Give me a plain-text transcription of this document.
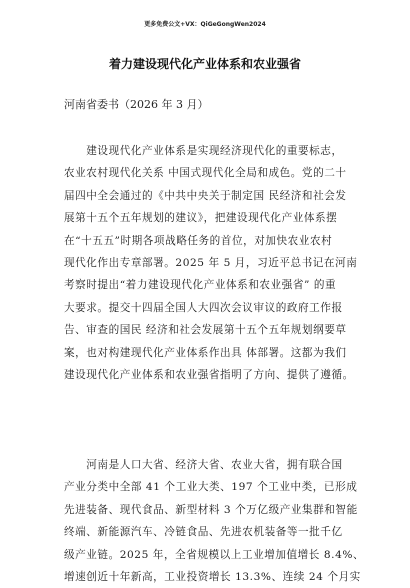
更多免费公文+VX：QiGeGongWen2024
着力建设现代化产业体系和农业强省
河南省委书（2026 年 3 月）

　　建设现代化产业体系是实现经济现代化的重要标志，

农业农村现代化关系 中国式现代化全局和成色。党的二十

届四中全会通过的《中共中央关于制定国 民经济和社会发

展第十五个五年规划的建议》，把建设现代化产业体系摆

在“十五五”时期各项战略任务的首位，对加快农业农村

现代化作出专章部署。2025 年 5 月，习近平总书记在河南

考察时提出“着力建设现代化产业体系和农业强省” 的重

大要求。提交十四届全国人大四次会议审议的政府工作报

告、审查的国民 经济和社会发展第十五个五年规划纲要草

案，也对构建现代化产业体系作出具 体部署。这都为我们

建设现代化产业体系和农业强省指明了方向、提供了遵循。

　　河南是人口大省、经济大省、农业大省，拥有联合国

产业分类中全部 41 个工业大类、197 个工业中类，已形成

先进装备、现代食品、新型材料 3 个万亿级产业集群和智能

终端、新能源汽车、冷链食品、先进农机装备等一批千亿

级产业链。2025 年，全省规模以上工业增加值增长 8.4%、

增速创近十年新高，工业投资增长 13.3%、连续 24 个月实
